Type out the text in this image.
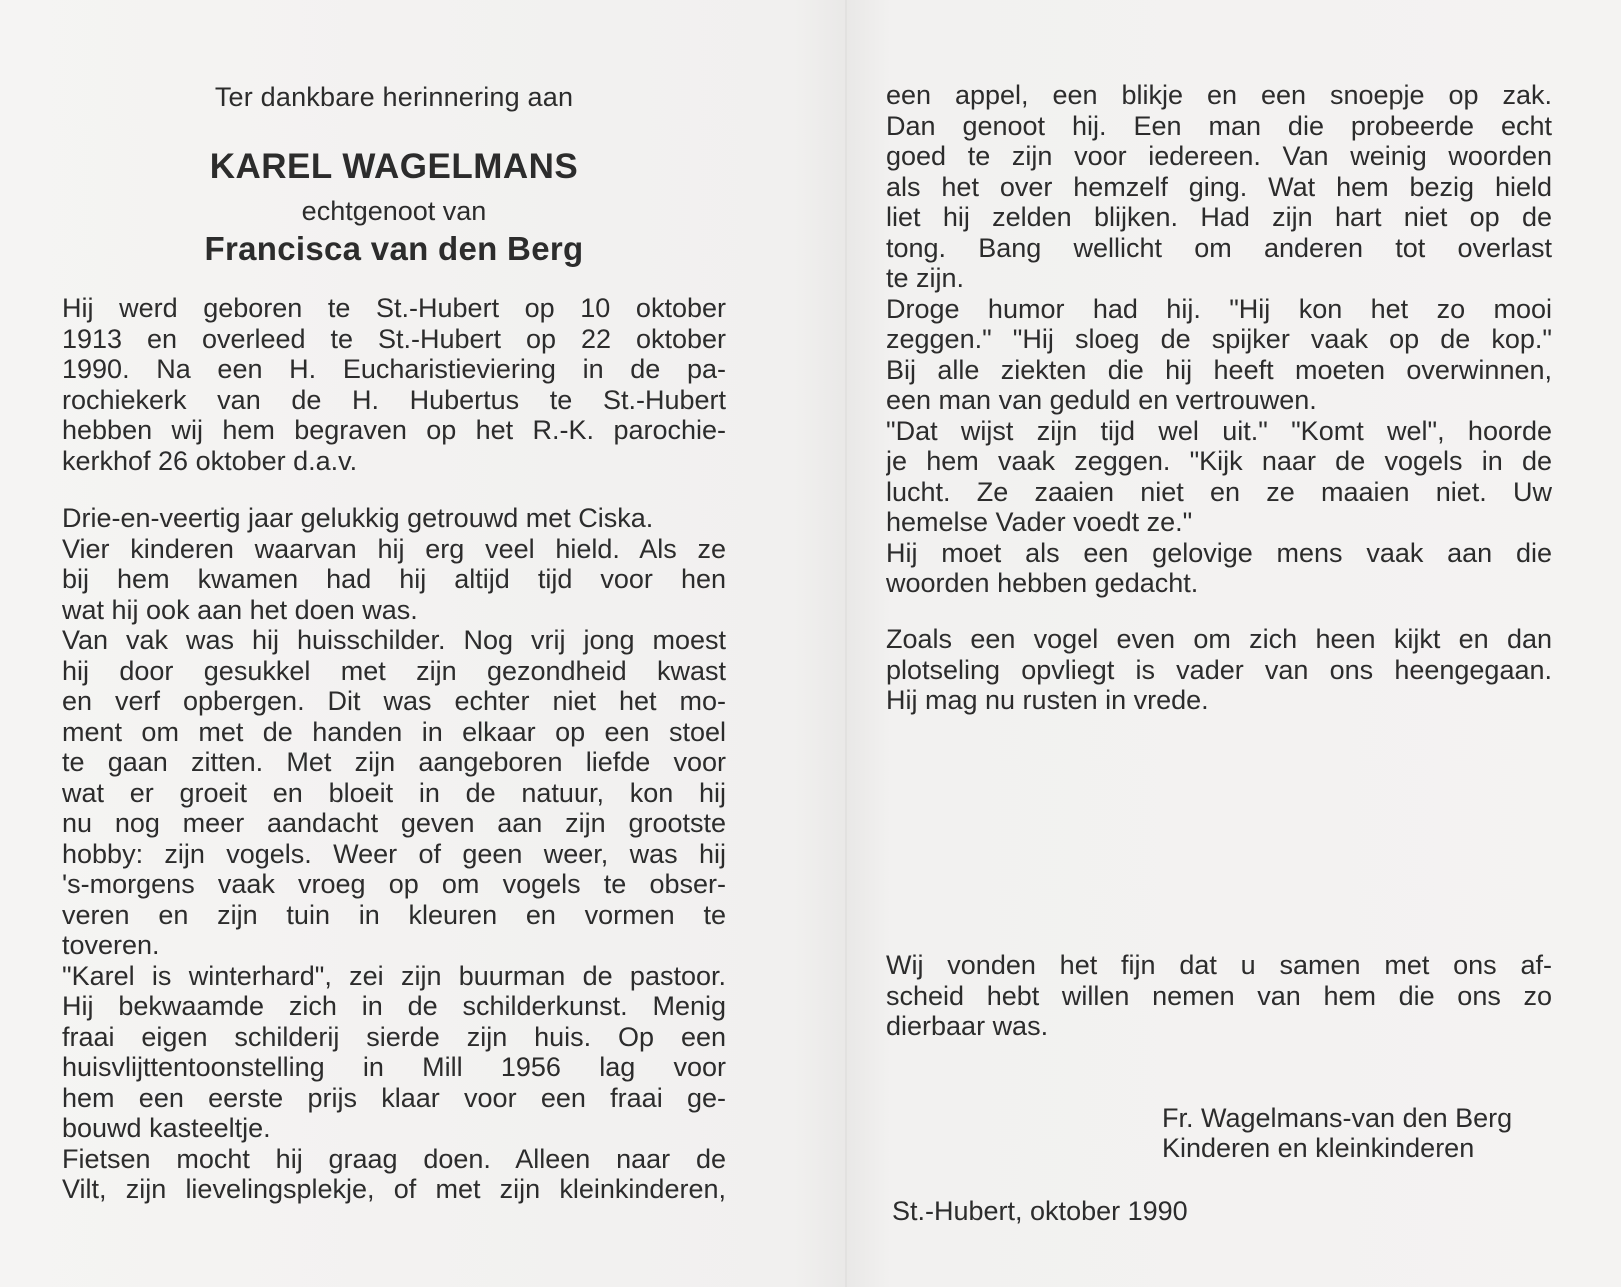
Ter dankbare herinnering aan
KAREL WAGELMANS
echtgenoot van
Francisca van den Berg
Hij werd geboren te St.-Hubert op 10 oktober
1913 en overleed te St.-Hubert op 22 oktober
1990. Na een H. Eucharistieviering in de pa-
rochiekerk van de H. Hubertus te St.-Hubert
hebben wij hem begraven op het R.-K. parochie-
kerkhof 26 oktober d.a.v.
Drie-en-veertig jaar gelukkig getrouwd met Ciska.
Vier kinderen waarvan hij erg veel hield. Als ze
bij hem kwamen had hij altijd tijd voor hen
wat hij ook aan het doen was.
Van vak was hij huisschilder. Nog vrij jong moest
hij door gesukkel met zijn gezondheid kwast
en verf opbergen. Dit was echter niet het mo-
ment om met de handen in elkaar op een stoel
te gaan zitten. Met zijn aangeboren liefde voor
wat er groeit en bloeit in de natuur, kon hij
nu nog meer aandacht geven aan zijn grootste
hobby: zijn vogels. Weer of geen weer, was hij
's-morgens vaak vroeg op om vogels te obser-
veren en zijn tuin in kleuren en vormen te
toveren.
"Karel is winterhard", zei zijn buurman de pastoor.
Hij bekwaamde zich in de schilderkunst. Menig
fraai eigen schilderij sierde zijn huis. Op een
huisvlijttentoonstelling in Mill 1956 lag voor
hem een eerste prijs klaar voor een fraai ge-
bouwd kasteeltje.
Fietsen mocht hij graag doen. Alleen naar de
Vilt, zijn lievelingsplekje, of met zijn kleinkinderen,
een appel, een blikje en een snoepje op zak.
Dan genoot hij. Een man die probeerde echt
goed te zijn voor iedereen. Van weinig woorden
als het over hemzelf ging. Wat hem bezig hield
liet hij zelden blijken. Had zijn hart niet op de
tong. Bang wellicht om anderen tot overlast
te zijn.
Droge humor had hij. "Hij kon het zo mooi
zeggen." "Hij sloeg de spijker vaak op de kop."
Bij alle ziekten die hij heeft moeten overwinnen,
een man van geduld en vertrouwen.
"Dat wijst zijn tijd wel uit." "Komt wel", hoorde
je hem vaak zeggen. "Kijk naar de vogels in de
lucht. Ze zaaien niet en ze maaien niet. Uw
hemelse Vader voedt ze."
Hij moet als een gelovige mens vaak aan die
woorden hebben gedacht.
Zoals een vogel even om zich heen kijkt en dan
plotseling opvliegt is vader van ons heengegaan.
Hij mag nu rusten in vrede.
Wij vonden het fijn dat u samen met ons af-
scheid hebt willen nemen van hem die ons zo
dierbaar was.
Fr. Wagelmans-van den Berg
Kinderen en kleinkinderen
St.-Hubert, oktober 1990
